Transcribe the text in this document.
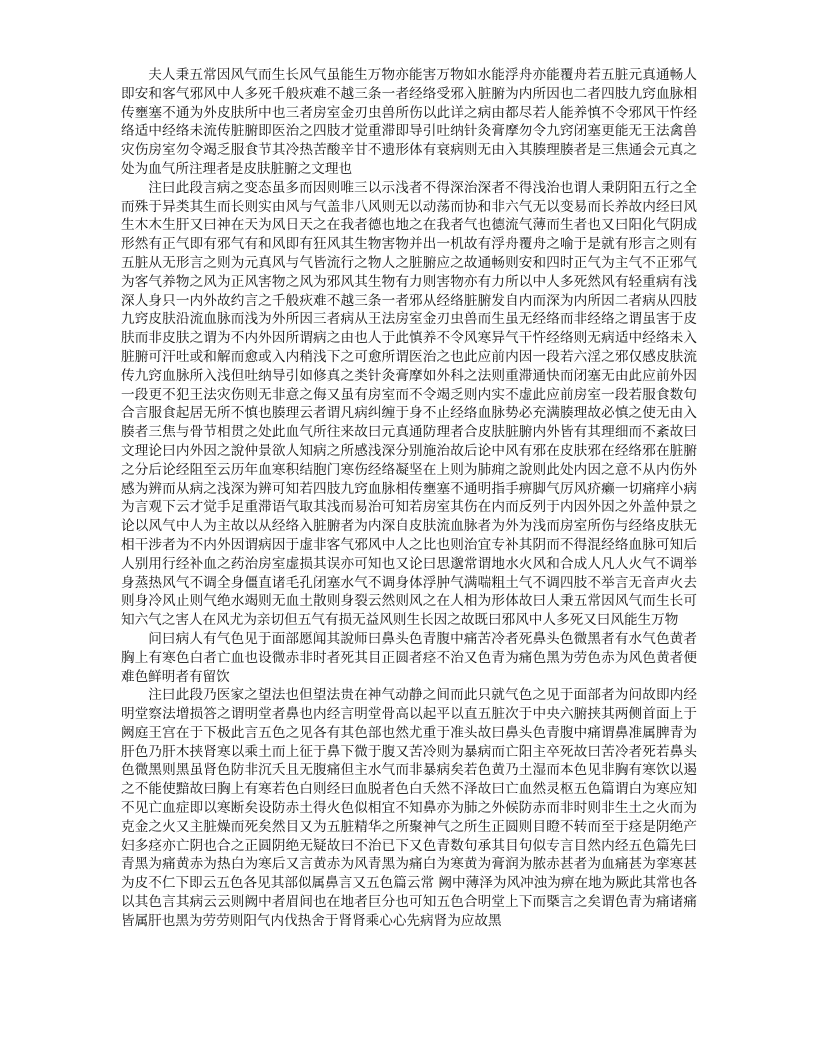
夫人秉五常因风气而生长风气虽能生万物亦能害万物如水能浮舟亦能覆舟若五脏元真通畅人即安和客气邪风中人多死千般疢难不越三条一者经络受邪入脏腑为内所因也二者四肢九窍血脉相传壅塞不通为外皮肤所中也三者房室金刃虫兽所伤以此详之病由都尽若人能养慎不令邪风干忤经络适中经络未流传脏腑即医治之四肢才觉重滞即导引吐纳针灸膏摩勿令九窍闭塞更能无王法禽兽灾伤房室勿令竭乏服食节其冷热苦酸辛甘不遗形体有衰病则无由入其腠理腠者是三焦通会元真之处为血气所注理者是皮肤脏腑之文理也

注曰此段言病之变态虽多而因则唯三以示浅者不得深治深者不得浅治也谓人秉阴阳五行之全而殊于异类其生而长则实由风与气盖非八风则无以动荡而协和非六气无以变易而长养故内经曰风生木木生肝又曰神在天为风日天之在我者德也地之在我者气也德流气薄而生者也又曰阳化气阴成形然有正气即有邪气有和风即有狂风其生物害物并出一机故有浮舟覆舟之喻于是就有形言之则有五脏从无形言之则为元真风与气皆流行之物人之脏腑应之故通畅则安和四时正气为主气不正邪气为客气养物之风为正风害物之风为邪风其生物有力则害物亦有力所以中人多死然风有轻重病有浅深人身只一内外故约言之千般疢难不越三条一者邪从经络脏腑发自内而深为内所因二者病从四肢九窍皮肤沿流血脉而浅为外所因三者病从王法房室金刃虫兽而生虽无经络而非经络之谓虽害于皮肤而非皮肤之谓为不内外因所谓病之由也人于此慎养不令风寒异气干忤经络则无病适中经络未入脏腑可汗吐或和解而愈或入内稍浅下之可愈所谓医治之也此应前内因一段若六淫之邪仅感皮肤流传九窍血脉所入浅但吐纳导引如修真之类针灸膏摩如外科之法则重滞通快而闭塞无由此应前外因一段更不犯王法灾伤则无非意之侮又虽有房室而不令竭乏则内实不虚此应前房室一段若服食数句合言服食起居无所不慎也腠理云者谓凡病纠缠于身不止经络血脉势必充满腠理故必慎之使无由入腠者三焦与骨节相贯之处此血气所往来故曰元真通防理者合皮肤脏腑内外皆有其理细而不紊故曰文理论曰内外因之說仲景欲人知病之所感浅深分别施治故后论中风有邪在皮肤邪在经络邪在脏腑之分后论经阻至云历年血寒积结胞门寒伤经络凝坚在上则为肺痈之說则此处内因之意不从内伤外感为辨而从病之浅深为辨可知若四肢九窍血脉相传壅塞不通明指手痹脚气厉风疥癞一切痛痒小病为言观下云才觉手足重滞语气取其浅而易治可知若房室其伤在内而反列于内因外因之外盖仲景之论以风气中人为主故以从经络入脏腑者为内深自皮肤流血脉者为外为浅而房室所伤与经络皮肤无相干涉者为不内外因谓病因于虚非客气邪风中人之比也则治宜专补其阴而不得混经络血脉可知后人别用行经补血之药治房室虚损其误亦可知也又论曰思邈常谓地水火风和合成人凡人火气不调举身蒸热风气不调全身僵直诸毛孔闭塞水气不调身体浮肿气满喘粗土气不调四肢不举言无音声火去则身冷风止则气绝水竭则无血土散则身裂云然则风之在人相为形体故曰人秉五常因风气而生长可知六气之害人在风尤为亲切但五气有损无益风则生长因之故既曰邪风中人多死又曰风能生万物

问曰病人有气色见于面部愿闻其說师曰鼻头色青腹中痛苦冷者死鼻头色微黑者有水气色黄者胸上有寒色白者亡血也设微赤非时者死其目正圆者痉不治又色青为痛色黑为劳色赤为风色黄者便难色鲜明者有留饮

注曰此段乃医家之望法也但望法贵在神气动静之间而此只就气色之见于面部者为问故即内经明堂察法增损答之谓明堂者鼻也内经言明堂骨高以起平以直五脏次于中央六腑挟其两侧首面上于阙庭王宫在于下极此言五色之见各有其色部也然尤重于准头故曰鼻头色青腹中痛谓鼻准属脾青为肝色乃肝木挟肾寒以乘土而上征于鼻下微于腹又苦冷则为暴病而亡阳主卒死故曰苦冷者死若鼻头色微黑则黑虽肾色防非沉夭且无腹痛但主水气而非暴病矣若色黄乃土湿而本色见非胸有寒饮以遏之不能使黯故曰胸上有寒若色白则经曰血脱者色白夭然不泽故曰亡血然灵枢五色篇谓白为寒应知不见亡血症即以寒断矣设防赤土得火色似相宜不知鼻亦为肺之外候防赤而非时则非生土之火而为克金之火又主脏燥而死矣然目又为五脏精华之所聚神气之所生正圆则目瞪不转而至于痉是阴绝产妇多痉亦亡阴也合之正圆阴绝无疑故曰不治已下又色青数句承其目句似专言目然内经五色篇先曰青黑为痛黄赤为热白为寒后又言黄赤为风青黑为痛白为寒黄为膏润为脓赤甚者为血痛甚为挛寒甚为皮不仁下即云五色各见其部似属鼻言又五色篇云常 阙中薄泽为风冲浊为痹在地为厥此其常也各以其色言其病云云则阙中者眉间也在地者巨分也可知五色合明堂上下而槩言之矣谓色青为痛诸痛皆属肝也黑为劳劳则阳气内伐热舍于肾肾乘心心先病肾为应故黑
